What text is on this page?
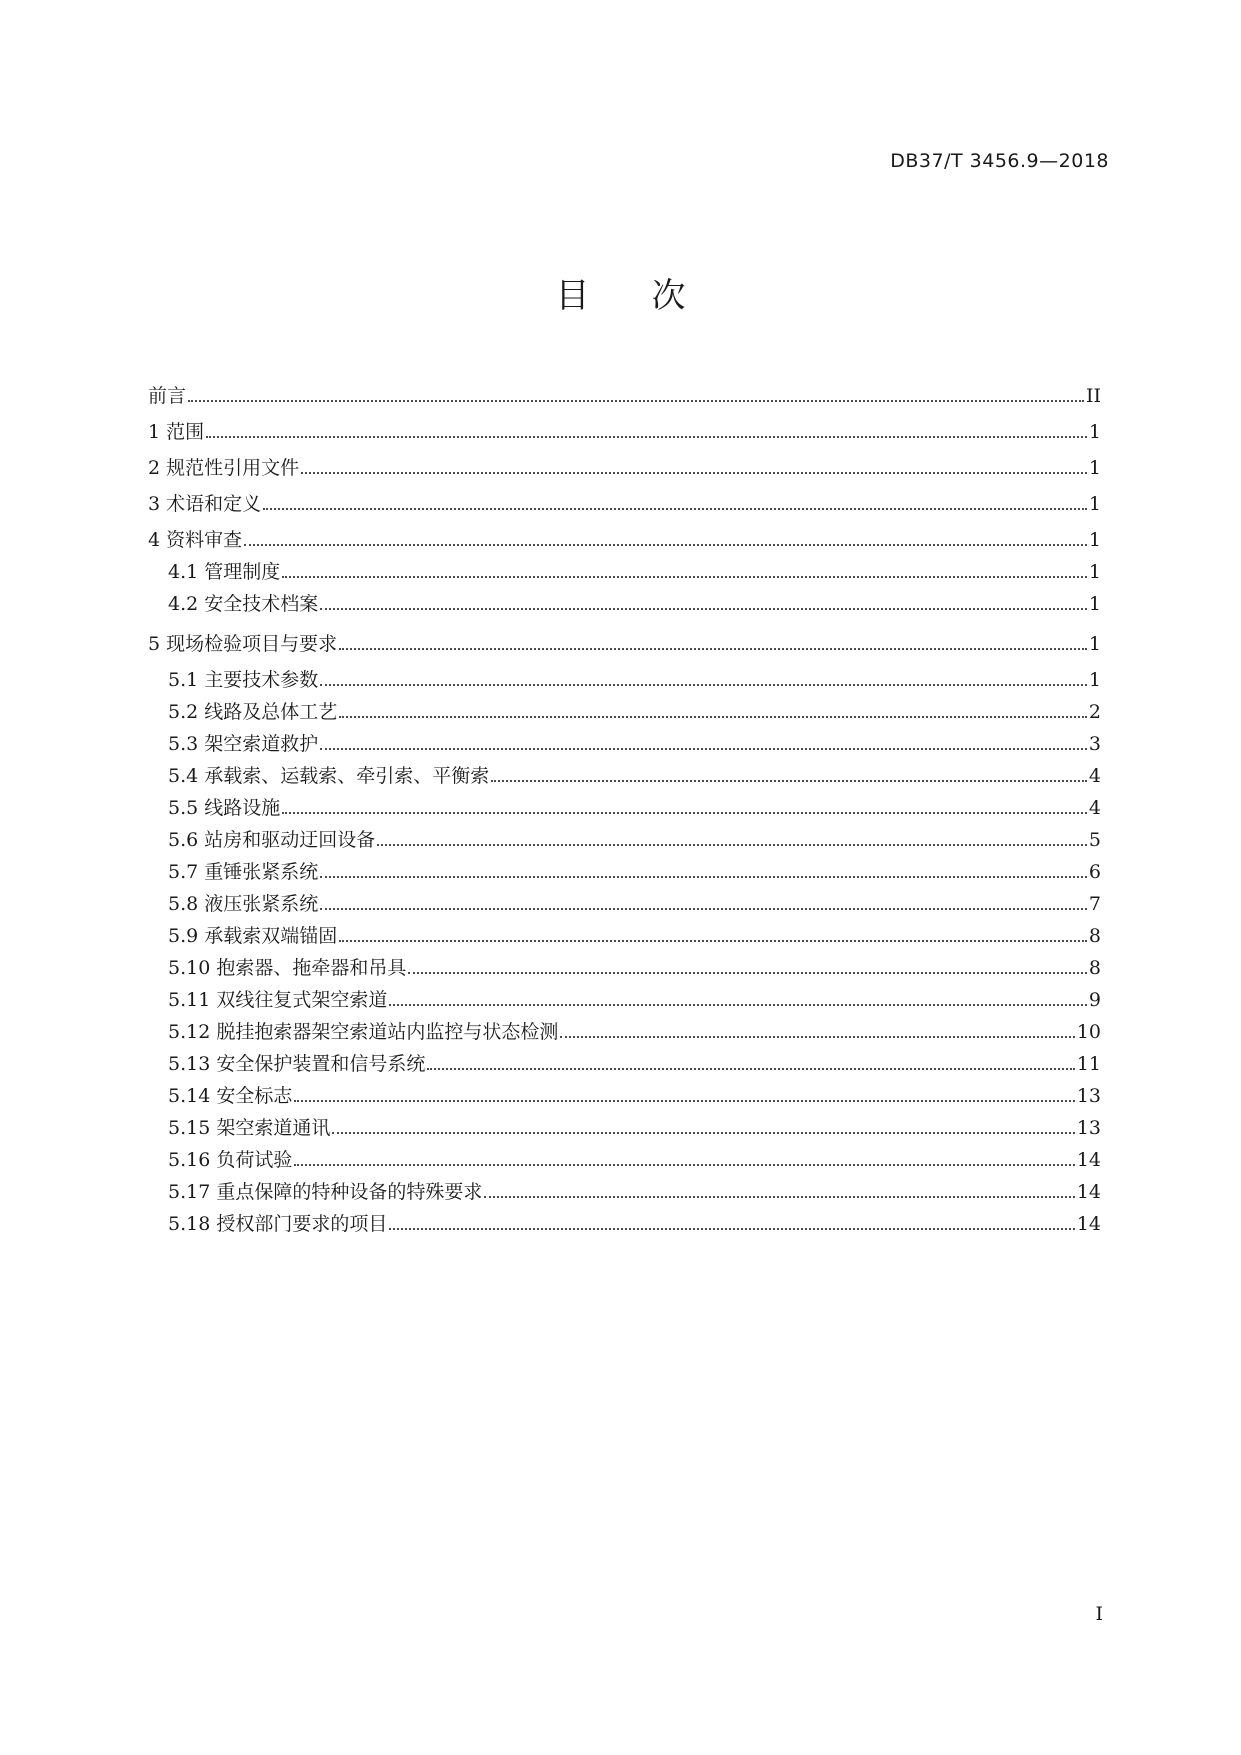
DB37/T 3456.9—2018
目次
前言	II
1 范围	1
2 规范性引用文件	1
3 术语和定义	1
4 资料审查	1
4.1 管理制度	1
4.2 安全技术档案	1
5 现场检验项目与要求	1
5.1 主要技术参数	1
5.2 线路及总体工艺	2
5.3 架空索道救护	3
5.4 承载索、运载索、牵引索、平衡索	4
5.5 线路设施	4
5.6 站房和驱动迂回设备	5
5.7 重锤张紧系统	6
5.8 液压张紧系统	7
5.9 承载索双端锚固	8
5.10 抱索器、拖牵器和吊具	8
5.11 双线往复式架空索道	9
5.12 脱挂抱索器架空索道站内监控与状态检测	10
5.13 安全保护装置和信号系统	11
5.14 安全标志	13
5.15 架空索道通讯	13
5.16 负荷试验	14
5.17 重点保障的特种设备的特殊要求	14
5.18 授权部门要求的项目	14
I
